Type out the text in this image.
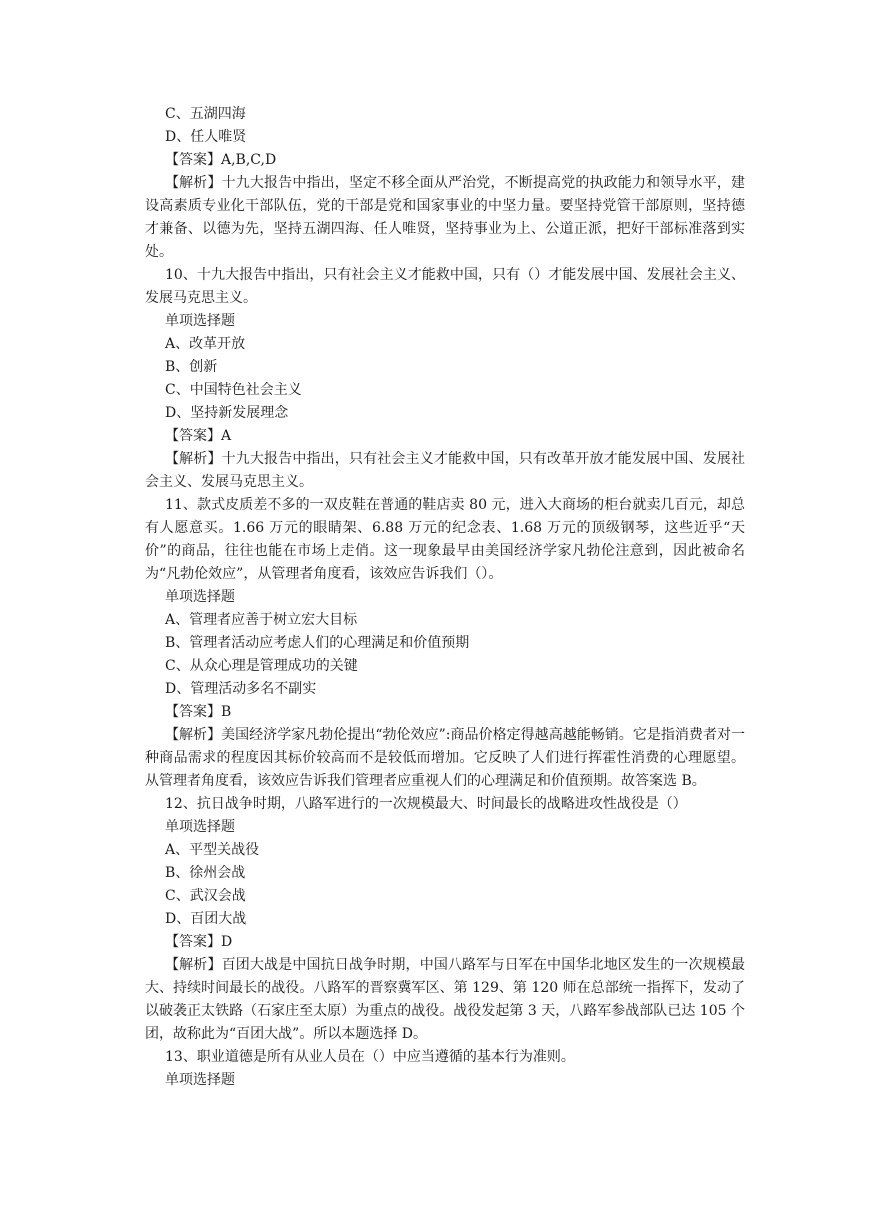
C、五湖四海

D、任人唯贤

【答案】A,B,C,D

【解析】十九大报告中指出，坚定不移全面从严治党，不断提高党的执政能力和领导水平，建设高素质专业化干部队伍，党的干部是党和国家事业的中坚力量。要坚持党管干部原则，坚持德才兼备、以德为先，坚持五湖四海、任人唯贤，坚持事业为上、公道正派，把好干部标准落到实处。

10、十九大报告中指出，只有社会主义才能救中国，只有（）才能发展中国、发展社会主义、发展马克思主义。

单项选择题

A、改革开放

B、创新

C、中国特色社会主义

D、坚持新发展理念

【答案】A

【解析】十九大报告中指出，只有社会主义才能救中国，只有改革开放才能发展中国、发展社会主义、发展马克思主义。

11、款式皮质差不多的一双皮鞋在普通的鞋店卖 80 元，进入大商场的柜台就卖几百元，却总有人愿意买。1.66 万元的眼睛架、6.88 万元的纪念表、1.68 万元的顶级钢琴，这些近乎“天价”的商品，往往也能在市场上走俏。这一现象最早由美国经济学家凡勃伦注意到，因此被命名为“凡勃伦效应”，从管理者角度看，该效应告诉我们（）。

单项选择题

A、管理者应善于树立宏大目标

B、管理者活动应考虑人们的心理满足和价值预期

C、从众心理是管理成功的关键

D、管理活动多名不副实

【答案】B

【解析】美国经济学家凡勃伦提出“勃伦效应”:商品价格定得越高越能畅销。它是指消费者对一种商品需求的程度因其标价较高而不是较低而增加。它反映了人们进行挥霍性消费的心理愿望。从管理者角度看，该效应告诉我们管理者应重视人们的心理满足和价值预期。故答案选 B。

12、抗日战争时期，八路军进行的一次规模最大、时间最长的战略进攻性战役是（）

单项选择题

A、平型关战役

B、徐州会战

C、武汉会战

D、百团大战

【答案】D

【解析】百团大战是中国抗日战争时期，中国八路军与日军在中国华北地区发生的一次规模最大、持续时间最长的战役。八路军的晋察冀军区、第 129、第 120 师在总部统一指挥下，发动了以破袭正太铁路（石家庄至太原）为重点的战役。战役发起第 3 天，八路军参战部队已达 105 个团，故称此为“百团大战”。所以本题选择 D。

13、职业道德是所有从业人员在（）中应当遵循的基本行为准则。

单项选择题
